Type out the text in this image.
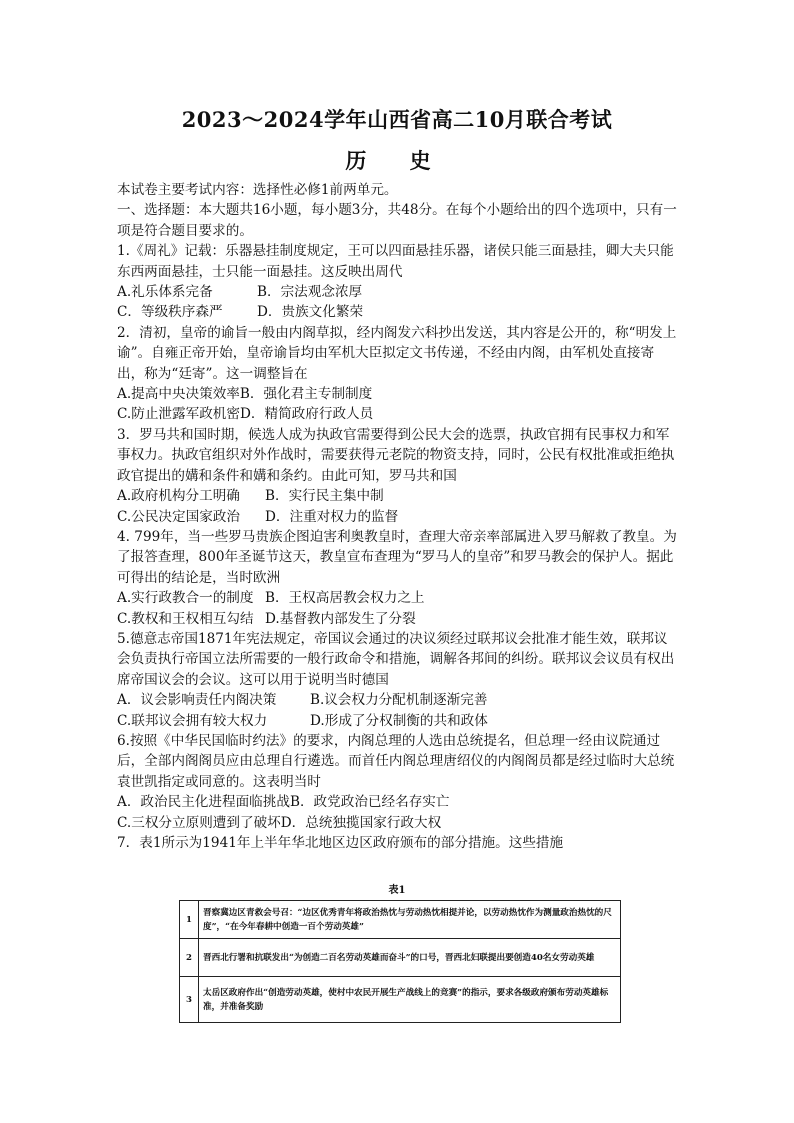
2023～2024学年山西省高二10月联合考试
历 史

本试卷主要考试内容：选择性必修1前两单元。

一、选择题：本大题共16小题，每小题3分，共48分。在每个小题给出的四个选项中，只有一项是符合题目要求的。

1.《周礼》记载：乐器悬挂制度规定，王可以四面悬挂乐器，诸侯只能三面悬挂，卿大夫只能东西两面悬挂，士只能一面悬挂。这反映出周代

A.礼乐体系完备	B．宗法观念浓厚
C．等级秩序森严	D．贵族文化繁荣

2．清初，皇帝的谕旨一般由内阁草拟，经内阁发六科抄出发送，其内容是公开的，称“明发上谕”。自雍正帝开始，皇帝谕旨均由军机大臣拟定文书传递，不经由内阁，由军机处直接寄出，称为“廷寄”。这一调整旨在

A.提高中央决策效率 B．强化君主专制制度
C.防止泄露军政机密 D．精简政府行政人员

3．罗马共和国时期，候选人成为执政官需要得到公民大会的选票，执政官拥有民事权力和军事权力。执政官组织对外作战时，需要获得元老院的物资支持，同时，公民有权批准或拒绝执政官提出的媾和条件和媾和条约。由此可知，罗马共和国

A.政府机构分工明确	B．实行民主集中制
C.公民决定国家政治	D．注重对权力的监督

4. 799年，当一些罗马贵族企图迫害利奥教皇时，查理大帝亲率部属进入罗马解救了教皇。为了报答查理，800年圣诞节这天，教皇宣布查理为“罗马人的皇帝”和罗马教会的保护人。据此可得出的结论是，当时欧洲

A.实行政教合一的制度 B．王权高居教会权力之上
C.教权和王权相互勾结 D.基督教内部发生了分裂

5.德意志帝国1871年宪法规定，帝国议会通过的决议须经过联邦议会批准才能生效，联邦议会负责执行帝国立法所需要的一般行政命令和措施，调解各邦间的纠纷。联邦议会议员有权出席帝国议会的会议。这可以用于说明当时德国

A．议会影响责任内阁决策	B.议会权力分配机制逐渐完善
C.联邦议会拥有较大权力	D.形成了分权制衡的共和政体

6.按照《中华民国临时约法》的要求，内阁总理的人选由总统提名，但总理一经由议院通过后，全部内阁阁员应由总理自行遴选。而首任内阁总理唐绍仪的内阁阁员都是经过临时大总统袁世凯指定或同意的。这表明当时

A．政治民主化进程面临挑战 B．政党政治已经名存实亡
C.三权分立原则遭到了破坏 D．总统独揽国家行政大权

7．表1所示为1941年上半年华北地区边区政府颁布的部分措施。这些措施

表1
1	晋察冀边区青救会号召：“边区优秀青年将政治热忱与劳动热忱相提并论，以劳动热忱作为测量政治热忱的尺度”，“在今年春耕中创造一百个劳动英雄”
2	晋西北行署和抗联发出“为创造二百名劳动英雄而奋斗”的口号，晋西北妇联提出要创造40名女劳动英雄
3	太岳区政府作出“创造劳动英雄，使村中农民开展生产战线上的竞赛”的指示，要求各级政府颁布劳动英雄标准，并准备奖励
